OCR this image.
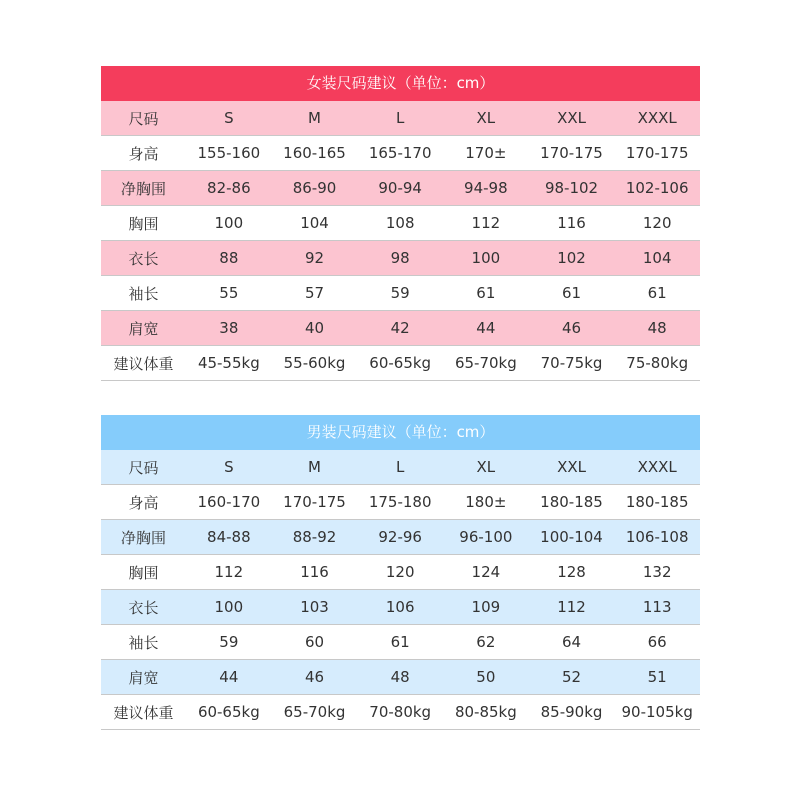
女装尺码建议（单位：cm）
尺码	S	M	L	XL	XXL	XXXL
身高	155-160	160-165	165-170	170±	170-175	170-175
净胸围	82-86	86-90	90-94	94-98	98-102	102-106
胸围	100	104	108	112	116	120
衣长	88	92	98	100	102	104
袖长	55	57	59	61	61	61
肩宽	38	40	42	44	46	48
建议体重	45-55kg	55-60kg	60-65kg	65-70kg	70-75kg	75-80kg
男装尺码建议（单位：cm）
尺码	S	M	L	XL	XXL	XXXL
身高	160-170	170-175	175-180	180±	180-185	180-185
净胸围	84-88	88-92	92-96	96-100	100-104	106-108
胸围	112	116	120	124	128	132
衣长	100	103	106	109	112	113
袖长	59	60	61	62	64	66
肩宽	44	46	48	50	52	51
建议体重	60-65kg	65-70kg	70-80kg	80-85kg	85-90kg	90-105kg
